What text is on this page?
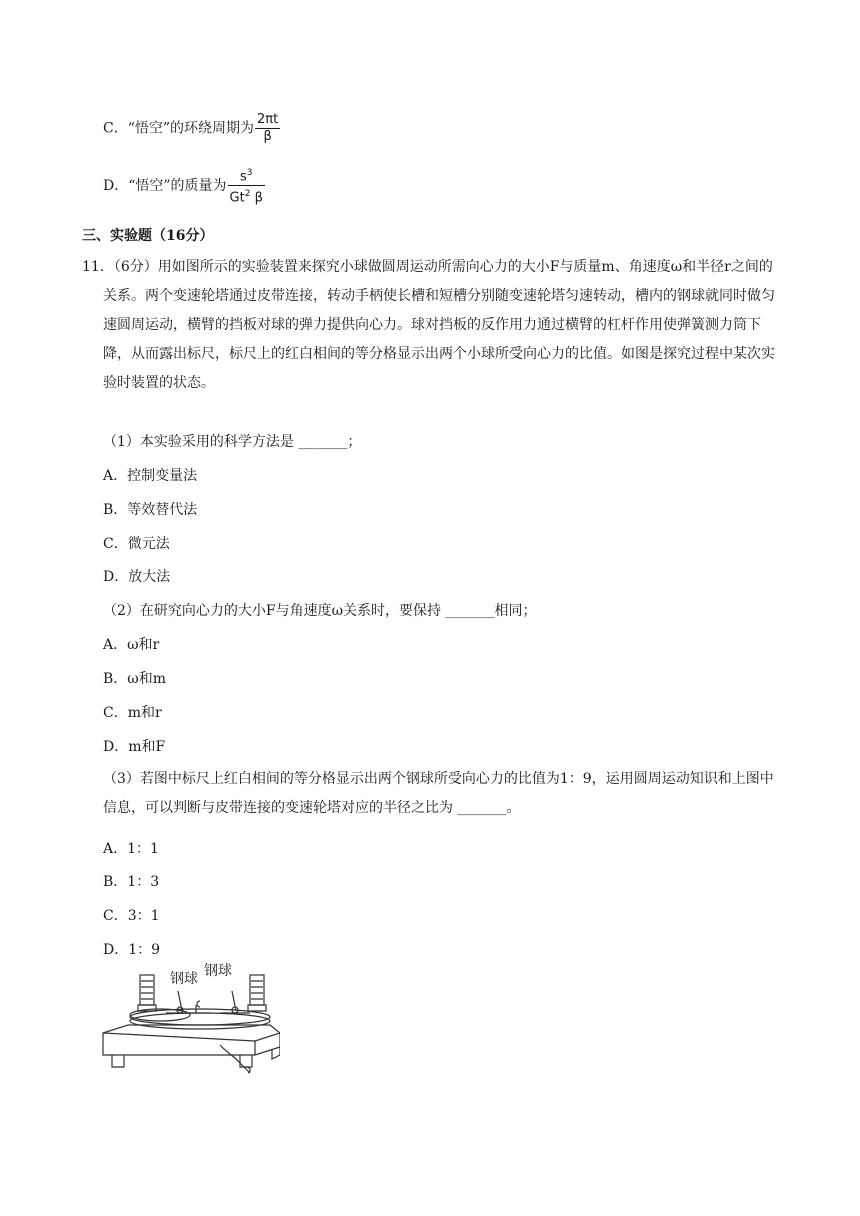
C．“悟空”的环绕周期为 $\frac{2\pi t}{\beta}$
D．“悟空”的质量为 $\frac{s^3}{Gt^2 \beta}$
三、实验题（16分）
11．（6分）用如图所示的实验装置来探究小球做圆周运动所需向心力的大小F与质量m、角速度ω和半径r之间的关系。两个变速轮塔通过皮带连接，转动手柄使长槽和短槽分别随变速轮塔匀速转动，槽内的钢球就同时做匀速圆周运动，横臂的挡板对球的弹力提供向心力。球对挡板的反作用力通过横臂的杠杆作用使弹簧测力筒下降，从而露出标尺，标尺上的红白相间的等分格显示出两个小球所受向心力的比值。如图是探究过程中某次实验时装置的状态。
（1）本实验采用的科学方法是 _______；
A．控制变量法
B．等效替代法
C．微元法
D．放大法
（2）在研究向心力的大小F与角速度ω关系时，要保持 _______相同；
A．ω和r
B．ω和m
C．m和r
D．m和F
（3）若图中标尺上红白相间的等分格显示出两个钢球所受向心力的比值为1：9，运用圆周运动知识和上图中信息，可以判断与皮带连接的变速轮塔对应的半径之比为 _______。
A．1：1
B．1：3
C．3：1
D．1：9
钢球 钢球
